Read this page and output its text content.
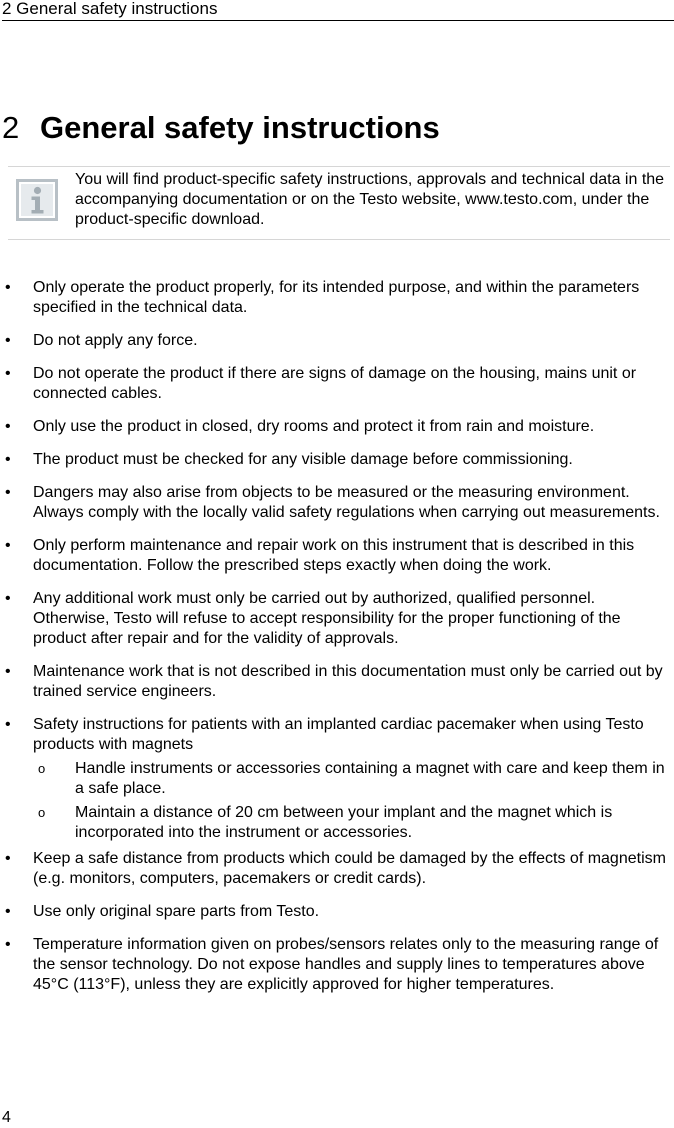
2 General safety instructions
2 General safety instructions
You will find product-specific safety instructions, approvals and technical data in the accompanying documentation or on the Testo website, www.testo.com, under the product-specific download.
• Only operate the product properly, for its intended purpose, and within the parameters specified in the technical data.
• Do not apply any force.
• Do not operate the product if there are signs of damage on the housing, mains unit or connected cables.
• Only use the product in closed, dry rooms and protect it from rain and moisture.
• The product must be checked for any visible damage before commissioning.
• Dangers may also arise from objects to be measured or the measuring environment. Always comply with the locally valid safety regulations when carrying out measurements.
• Only perform maintenance and repair work on this instrument that is described in this documentation. Follow the prescribed steps exactly when doing the work.
• Any additional work must only be carried out by authorized, qualified personnel. Otherwise, Testo will refuse to accept responsibility for the proper functioning of the product after repair and for the validity of approvals.
• Maintenance work that is not described in this documentation must only be carried out by trained service engineers.
• Safety instructions for patients with an implanted cardiac pacemaker when using Testo products with magnets
o Handle instruments or accessories containing a magnet with care and keep them in a safe place.
o Maintain a distance of 20 cm between your implant and the magnet which is incorporated into the instrument or accessories.
• Keep a safe distance from products which could be damaged by the effects of magnetism (e.g. monitors, computers, pacemakers or credit cards).
• Use only original spare parts from Testo.
• Temperature information given on probes/sensors relates only to the measuring range of the sensor technology. Do not expose handles and supply lines to temperatures above 45°C (113°F), unless they are explicitly approved for higher temperatures.
4
